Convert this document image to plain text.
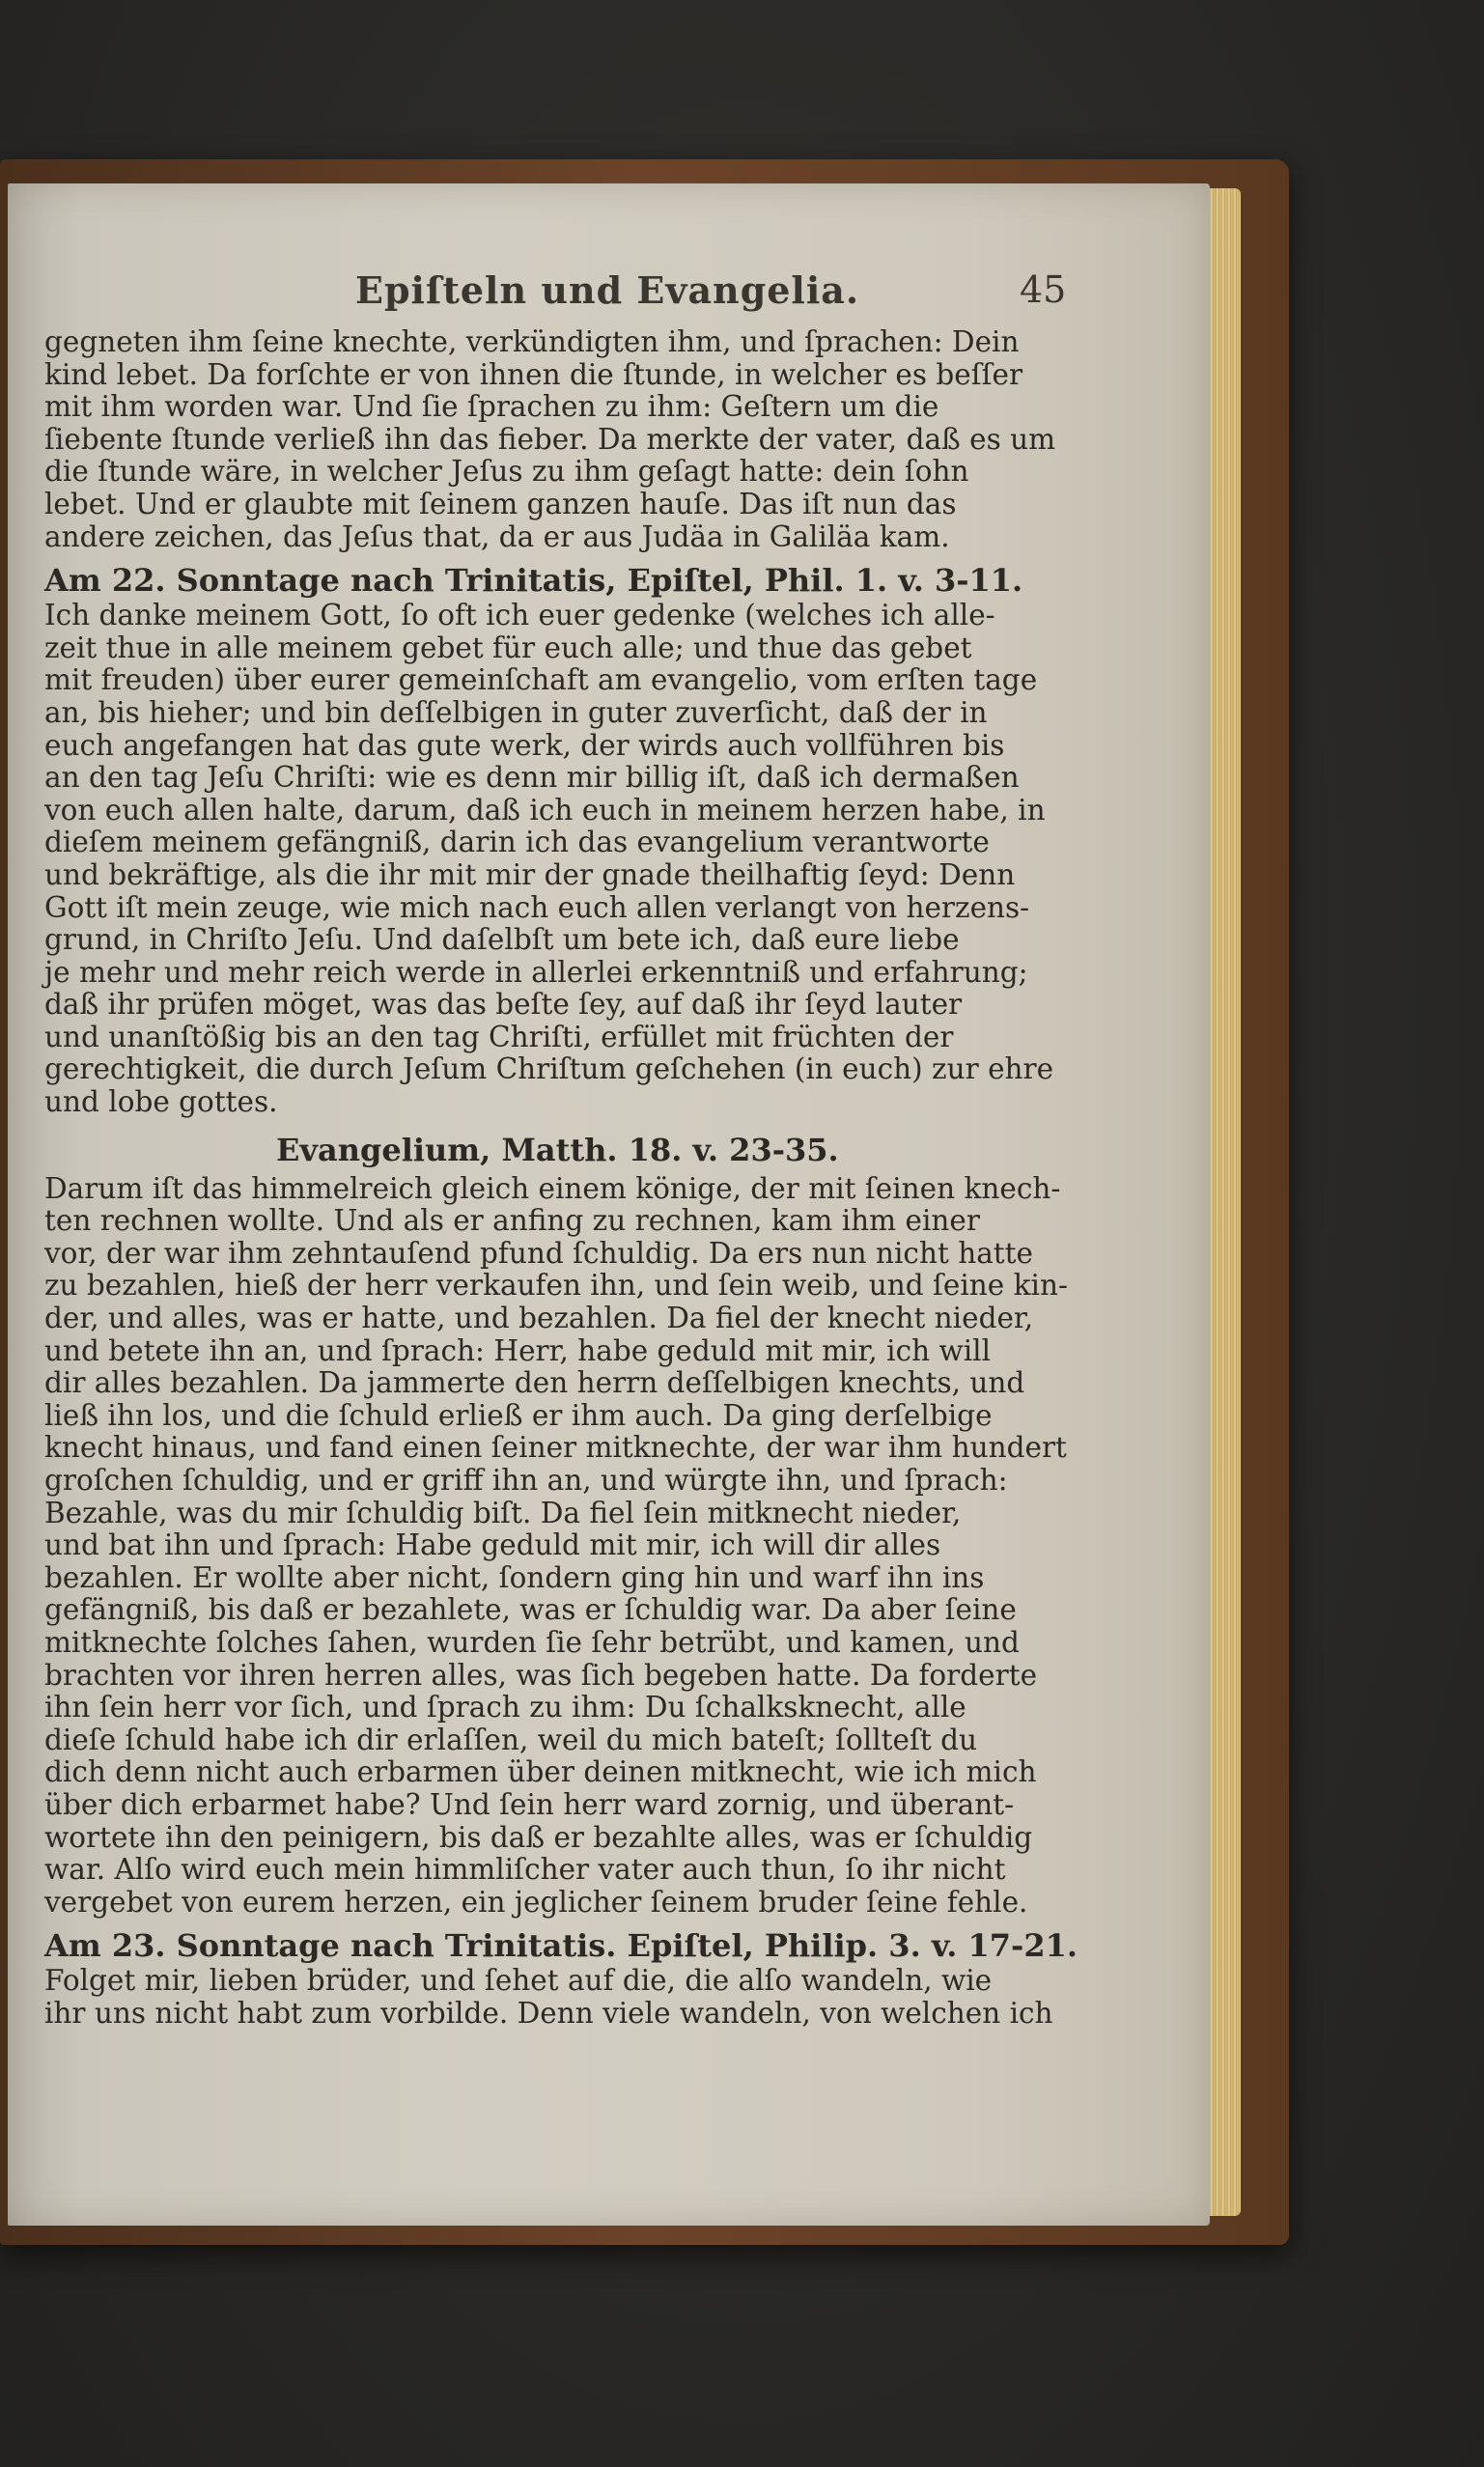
Epiſteln und Evangelia.	45
gegneten ihm ſeine knechte, verkündigten ihm, und ſprachen: Dein
kind lebet. Da forſchte er von ihnen die ſtunde, in welcher es beſſer
mit ihm worden war. Und ſie ſprachen zu ihm: Geſtern um die
ſiebente ſtunde verließ ihn das fieber. Da merkte der vater, daß es um
die ſtunde wäre, in welcher Jeſus zu ihm geſagt hatte: dein ſohn
lebet. Und er glaubte mit ſeinem ganzen hauſe. Das iſt nun das
andere zeichen, das Jeſus that, da er aus Judäa in Galiläa kam.
Am 22. Sonntage nach Trinitatis, Epiſtel, Phil. 1. v. 3-11.
Ich danke meinem Gott, ſo oft ich euer gedenke (welches ich alle-
zeit thue in alle meinem gebet für euch alle; und thue das gebet
mit freuden) über eurer gemeinſchaft am evangelio, vom erſten tage
an, bis hieher; und bin deſſelbigen in guter zuverſicht, daß der in
euch angefangen hat das gute werk, der wirds auch vollführen bis
an den tag Jeſu Chriſti: wie es denn mir billig iſt, daß ich dermaßen
von euch allen halte, darum, daß ich euch in meinem herzen habe, in
dieſem meinem gefängniß, darin ich das evangelium verantworte
und bekräftige, als die ihr mit mir der gnade theilhaftig ſeyd: Denn
Gott iſt mein zeuge, wie mich nach euch allen verlangt von herzens-
grund, in Chriſto Jeſu. Und daſelbſt um bete ich, daß eure liebe
je mehr und mehr reich werde in allerlei erkenntniß und erfahrung;
daß ihr prüfen möget, was das beſte ſey, auf daß ihr ſeyd lauter
und unanſtößig bis an den tag Chriſti, erfüllet mit früchten der
gerechtigkeit, die durch Jeſum Chriſtum geſchehen (in euch) zur ehre
und lobe gottes.
Evangelium, Matth. 18. v. 23-35.
Darum iſt das himmelreich gleich einem könige, der mit ſeinen knech-
ten rechnen wollte. Und als er anfing zu rechnen, kam ihm einer
vor, der war ihm zehntauſend pfund ſchuldig. Da ers nun nicht hatte
zu bezahlen, hieß der herr verkaufen ihn, und ſein weib, und ſeine kin-
der, und alles, was er hatte, und bezahlen. Da fiel der knecht nieder,
und betete ihn an, und ſprach: Herr, habe geduld mit mir, ich will
dir alles bezahlen. Da jammerte den herrn deſſelbigen knechts, und
ließ ihn los, und die ſchuld erließ er ihm auch. Da ging derſelbige
knecht hinaus, und fand einen ſeiner mitknechte, der war ihm hundert
groſchen ſchuldig, und er griff ihn an, und würgte ihn, und ſprach:
Bezahle, was du mir ſchuldig biſt. Da fiel ſein mitknecht nieder,
und bat ihn und ſprach: Habe geduld mit mir, ich will dir alles
bezahlen. Er wollte aber nicht, ſondern ging hin und warf ihn ins
gefängniß, bis daß er bezahlete, was er ſchuldig war. Da aber ſeine
mitknechte ſolches ſahen, wurden ſie ſehr betrübt, und kamen, und
brachten vor ihren herren alles, was ſich begeben hatte. Da forderte
ihn ſein herr vor ſich, und ſprach zu ihm: Du ſchalksknecht, alle
dieſe ſchuld habe ich dir erlaſſen, weil du mich bateſt; ſollteſt du
dich denn nicht auch erbarmen über deinen mitknecht, wie ich mich
über dich erbarmet habe? Und ſein herr ward zornig, und überant-
wortete ihn den peinigern, bis daß er bezahlte alles, was er ſchuldig
war. Alſo wird euch mein himmliſcher vater auch thun, ſo ihr nicht
vergebet von eurem herzen, ein jeglicher ſeinem bruder ſeine fehle.
Am 23. Sonntage nach Trinitatis. Epiſtel, Philip. 3. v. 17-21.
Folget mir, lieben brüder, und ſehet auf die, die alſo wandeln, wie
ihr uns nicht habt zum vorbilde. Denn viele wandeln, von welchen ich
